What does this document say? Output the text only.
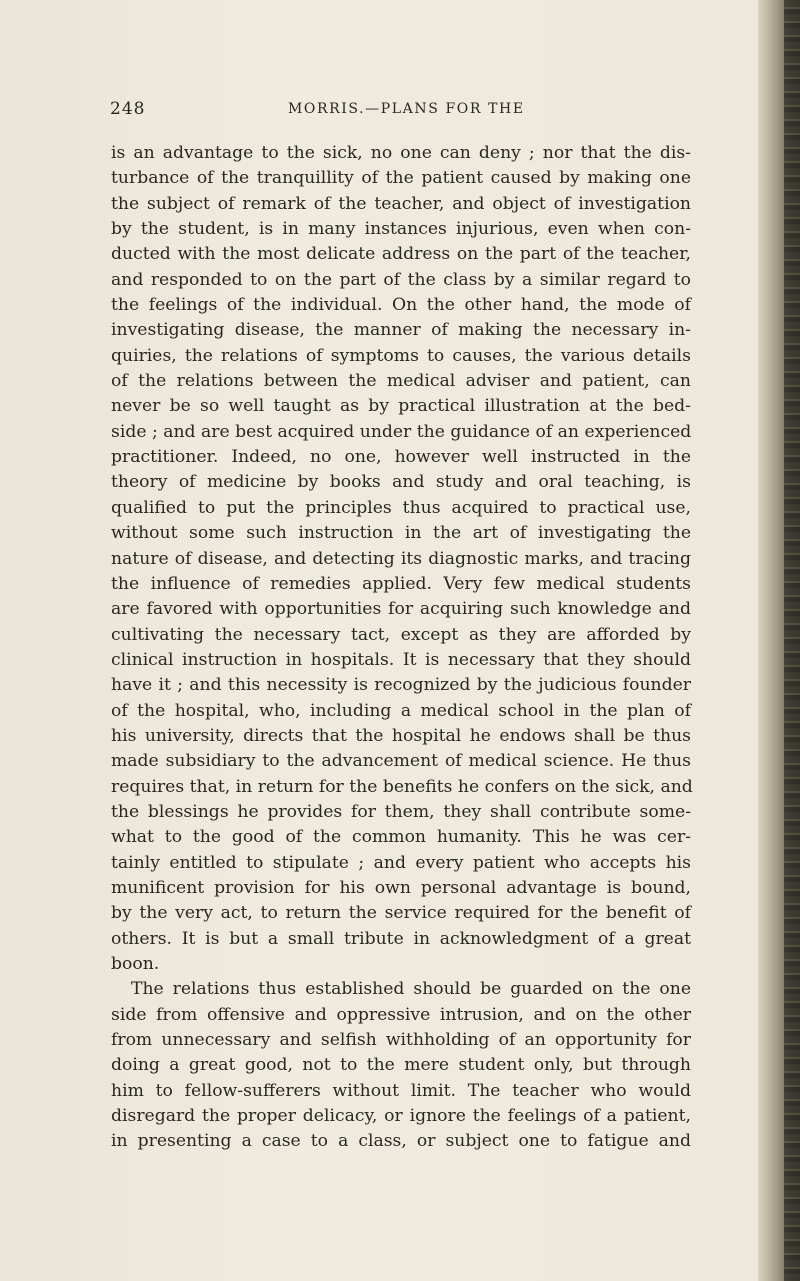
248	MORRIS.—PLANS FOR THE
is an advantage to the sick, no one can deny ; nor that the dis-
turbance of the tranquillity of the patient caused by making one
the subject of remark of the teacher, and object of investigation
by the student, is in many instances injurious, even when con-
ducted with the most delicate address on the part of the teacher,
and responded to on the part of the class by a similar regard to
the feelings of the individual. On the other hand, the mode of
investigating disease, the manner of making the necessary in-
quiries, the relations of symptoms to causes, the various details
of the relations between the medical adviser and patient, can
never be so well taught as by practical illustration at the bed-
side ; and are best acquired under the guidance of an experienced
practitioner. Indeed, no one, however well instructed in the
theory of medicine by books and study and oral teaching, is
qualified to put the principles thus acquired to practical use,
without some such instruction in the art of investigating the
nature of disease, and detecting its diagnostic marks, and tracing
the influence of remedies applied. Very few medical students
are favored with opportunities for acquiring such knowledge and
cultivating the necessary tact, except as they are afforded by
clinical instruction in hospitals. It is necessary that they should
have it ; and this necessity is recognized by the judicious founder
of the hospital, who, including a medical school in the plan of
his university, directs that the hospital he endows shall be thus
made subsidiary to the advancement of medical science. He thus
requires that, in return for the benefits he confers on the sick, and
the blessings he provides for them, they shall contribute some-
what to the good of the common humanity. This he was cer-
tainly entitled to stipulate ; and every patient who accepts his
munificent provision for his own personal advantage is bound,
by the very act, to return the service required for the benefit of
others. It is but a small tribute in acknowledgment of a great
boon.
The relations thus established should be guarded on the one
side from offensive and oppressive intrusion, and on the other
from unnecessary and selfish withholding of an opportunity for
doing a great good, not to the mere student only, but through
him to fellow-sufferers without limit. The teacher who would
disregard the proper delicacy, or ignore the feelings of a patient,
in presenting a case to a class, or subject one to fatigue and
